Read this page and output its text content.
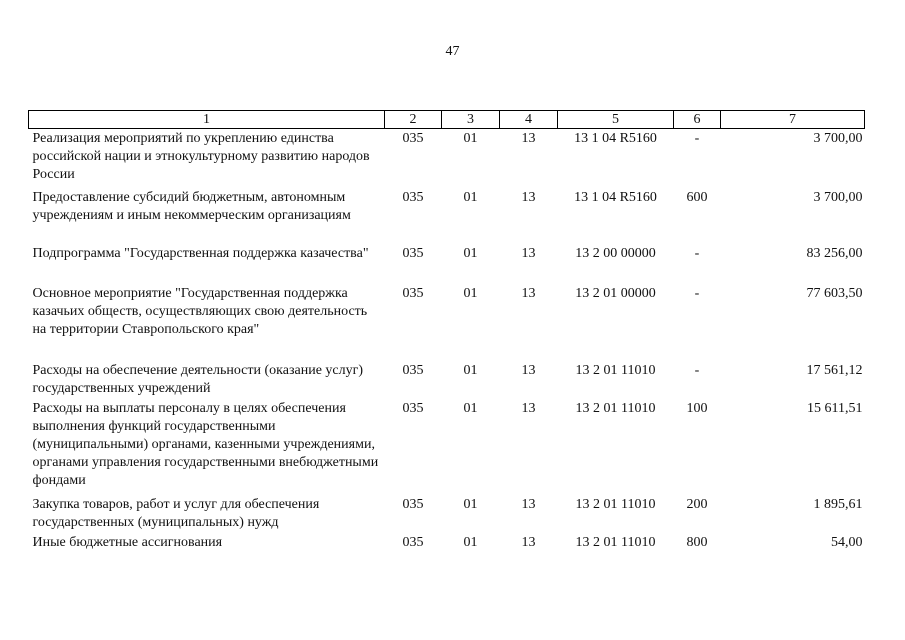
47
1	2	3	4	5	6	7
Реализация мероприятий по укреплению единства российской нации и этнокультурному развитию народов России	035	01	13	13 1 04 R5160	-	3 700,00
Предоставление субсидий бюджетным, автономным учреждениям и иным некоммерческим организациям	035	01	13	13 1 04 R5160	600	3 700,00
Подпрограмма "Государственная поддержка казачества"	035	01	13	13 2 00 00000	-	83 256,00
Основное мероприятие "Государственная поддержка казачьих обществ, осуществляющих свою деятельность на территории Ставропольского края"	035	01	13	13 2 01 00000	-	77 603,50
Расходы на обеспечение деятельности (оказание услуг) государственных учреждений	035	01	13	13 2 01 11010	-	17 561,12
Расходы на выплаты персоналу в целях обеспечения выполнения функций государственными (муниципальными) органами, казенными учреждениями, органами управления государственными внебюджетными фондами	035	01	13	13 2 01 11010	100	15 611,51
Закупка товаров, работ и услуг для обеспечения государственных (муниципальных) нужд	035	01	13	13 2 01 11010	200	1 895,61
Иные бюджетные ассигнования	035	01	13	13 2 01 11010	800	54,00
